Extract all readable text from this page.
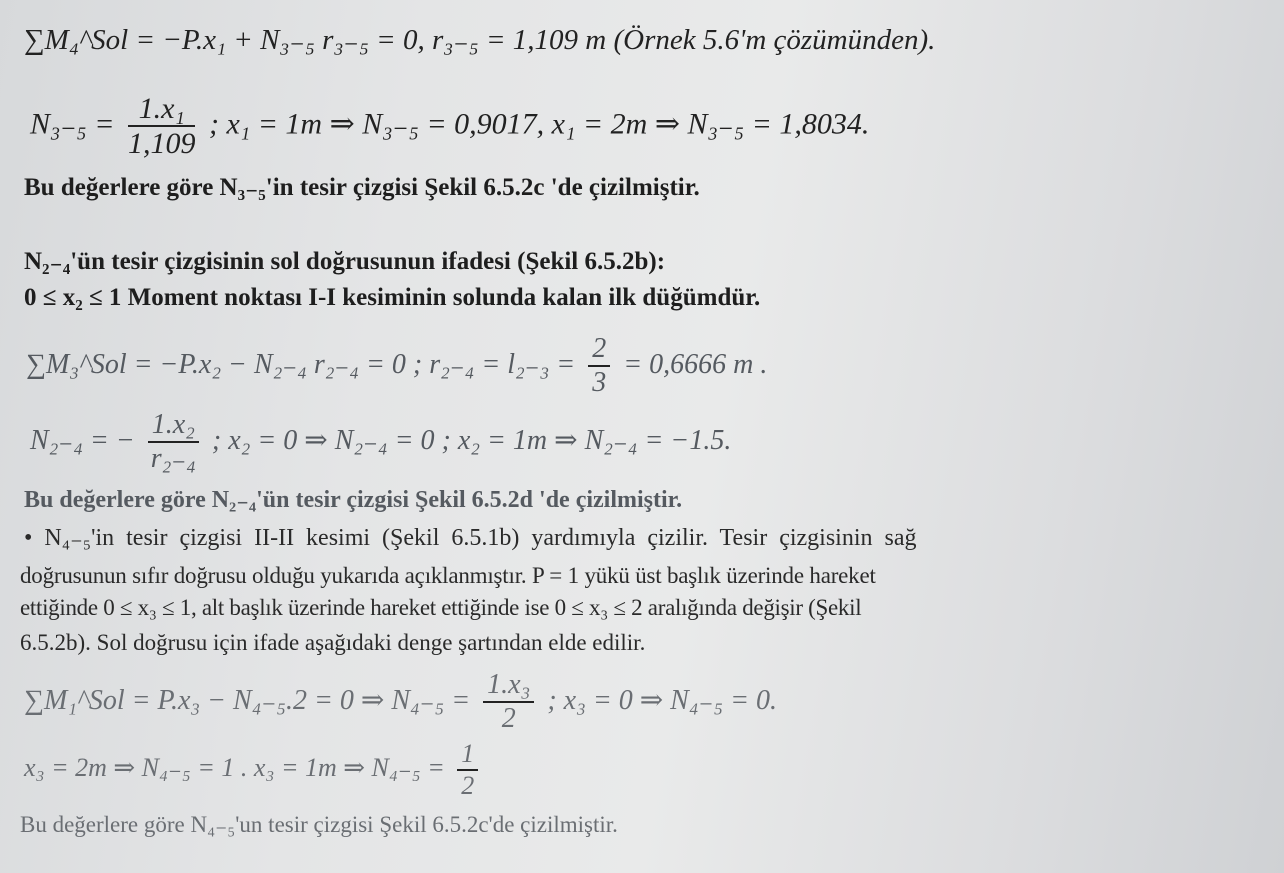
∑M₄^Sol = −P.x₁ + N₃₋₅ r₃₋₅ = 0, r₃₋₅ = 1,109 m (Örnek 5.6'm çözümünden).
$N_{3-5} = \frac{\text{1.x₁}}{1,109}$ ; x₁ = 1m ⇒ N₃₋₅ = 0,9017, x₁ = 2m ⇒ N₃₋₅ = 1,8034.
Bu değerlere göre N₃₋₅'in tesir çizgisi Şekil 6.5.2c 'de çizilmiştir.
N₂₋₄'ün tesir çizgisinin sol doğrusunun ifadesi (Şekil 6.5.2b):
0 ≤ x₂ ≤ 1 Moment noktası I-I kesiminin solunda kalan ilk düğümdür.
∑M₃^Sol = −P.x₂ − N₂₋₄ r₂₋₄ = 0 ; $r_{2-4} = l_{2-3} = \frac{2}{3} = 0,6666$ m .
N₂₋₄ = − $\frac{\text{1.x₂}}{\text{r₂₋₄}}$ ; x₂ = 0 ⇒ N₂₋₄ = 0 ; x₂ = 1m ⇒ N₂₋₄ = −1.5.
Bu değerlere göre N₂₋₄'ün tesir çizgisi Şekil 6.5.2d 'de çizilmiştir.
• N₄₋₅'in tesir çizgisi II-II kesimi (Şekil 6.5.1b) yardımıyla çizilir. Tesir çizgisinin sağ
doğrusunun sıfır doğrusu olduğu yukarıda açıklanmıştır. P = 1 yükü üst başlık üzerinde hareket
ettiğinde 0 ≤ x₃ ≤ 1, alt başlık üzerinde hareket ettiğinde ise 0 ≤ x₃ ≤ 2 aralığında değişir (Şekil
6.5.2b). Sol doğrusu için ifade aşağıdaki denge şartından elde edilir.
∑M₁^Sol = P.x₃ − N₄₋₅.2 = 0 ⇒ $N_{4-5} = \frac{\text{1.x₃}}{2}$ ; x₃ = 0 ⇒ N₄₋₅ = 0.
x₃ = 2m ⇒ N₄₋₅ = 1 . x₃ = 1m ⇒ $N_{4-5} = \frac{1}{2}$
Bu değerlere göre N₄₋₅'un tesir çizgisi Şekil 6.5.2c'de çizilmiştir.
